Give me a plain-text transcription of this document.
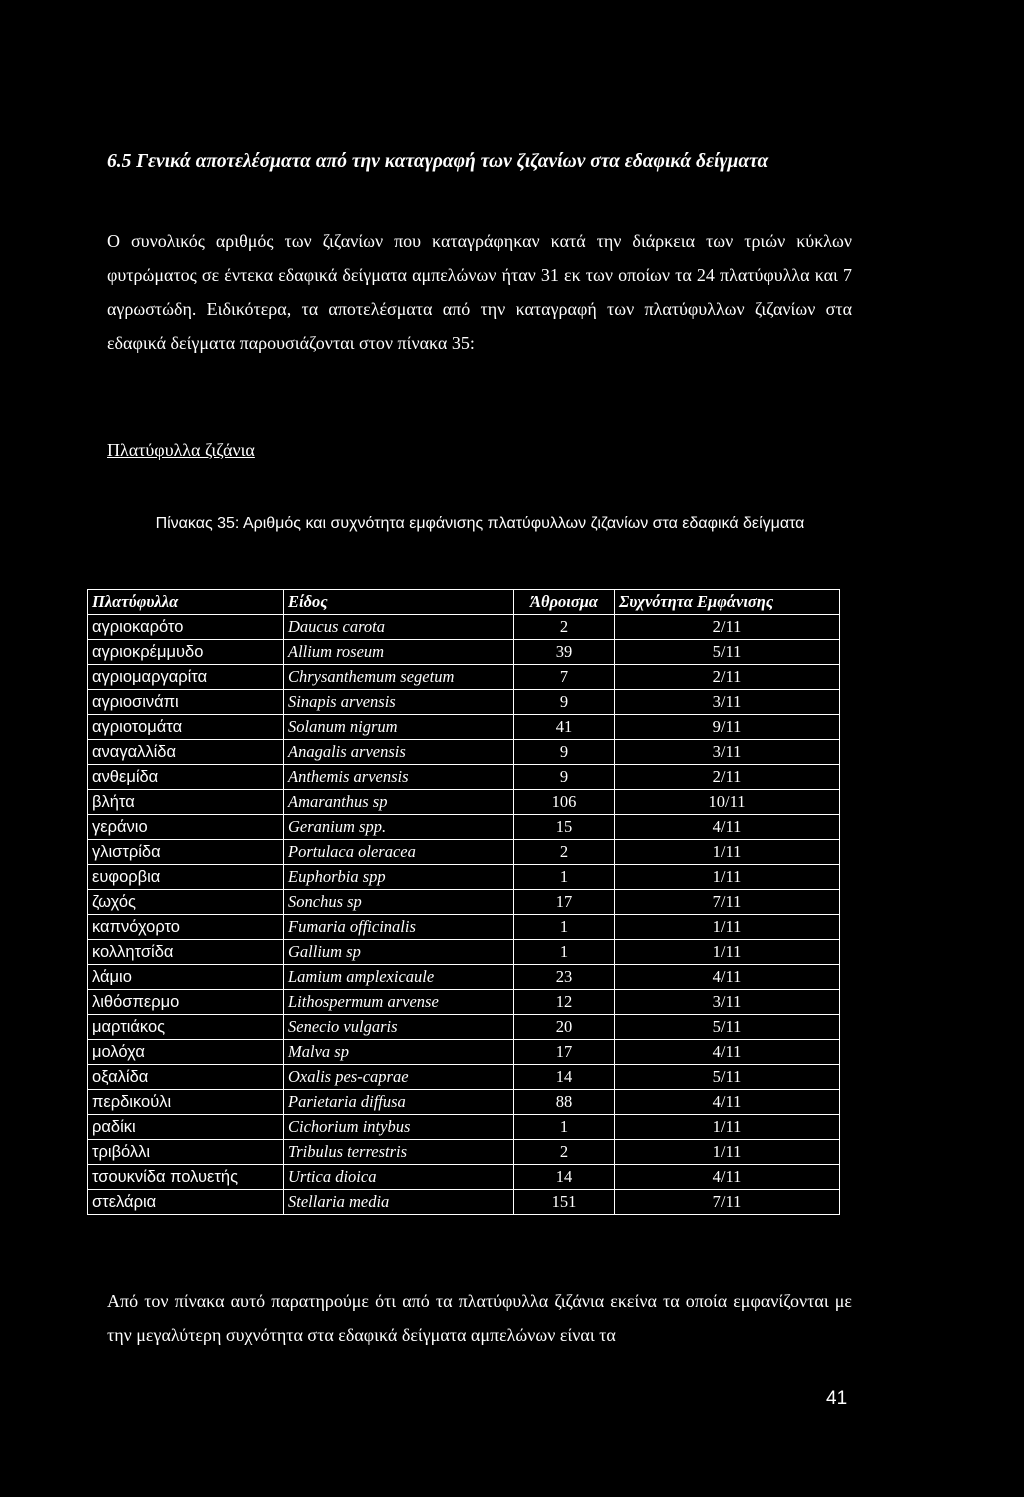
6.5 Γενικά αποτελέσματα από την καταγραφή των ζιζανίων στα εδαφικά δείγματα
Ο συνολικός αριθμός των ζιζανίων που καταγράφηκαν κατά την διάρκεια των τριών κύκλων φυτρώματος σε έντεκα εδαφικά δείγματα αμπελώνων ήταν 31 εκ των οποίων τα 24 πλατύφυλλα και 7 αγρωστώδη. Ειδικότερα, τα αποτελέσματα από την καταγραφή των πλατύφυλλων ζιζανίων στα εδαφικά δείγματα παρουσιάζονται στον πίνακα 35:
Πλατύφυλλα ζιζάνια
Πίνακας 35: Αριθμός και συχνότητα εμφάνισης πλατύφυλλων ζιζανίων στα εδαφικά δείγματα
Πλατύφυλλα	Είδος	Άθροισμα	Συχνότητα Εμφάνισης
αγριοκαρότο	Daucus carota	2	2/11
αγριοκρέμμυδο	Allium roseum	39	5/11
αγριομαργαρίτα	Chrysanthemum segetum	7	2/11
αγριοσινάπι	Sinapis arvensis	9	3/11
αγριοτομάτα	Solanum nigrum	41	9/11
αναγαλλίδα	Anagalis arvensis	9	3/11
ανθεμίδα	Anthemis arvensis	9	2/11
βλήτα	Amaranthus sp	106	10/11
γεράνιο	Geranium spp.	15	4/11
γλιστρίδα	Portulaca oleracea	2	1/11
ευφορβια	Euphorbia spp	1	1/11
ζωχός	Sonchus sp	17	7/11
καπνόχορτο	Fumaria officinalis	1	1/11
κολλητσίδα	Gallium sp	1	1/11
λάμιο	Lamium amplexicaule	23	4/11
λιθόσπερμο	Lithospermum arvense	12	3/11
μαρτιάκος	Senecio vulgaris	20	5/11
μολόχα	Malva sp	17	4/11
οξαλίδα	Oxalis pes-caprae	14	5/11
περδικούλι	Parietaria diffusa	88	4/11
ραδίκι	Cichorium intybus	1	1/11
τριβόλλι	Tribulus terrestris	2	1/11
τσουκνίδα πολυετής	Urtica dioica	14	4/11
στελάρια	Stellaria media	151	7/11
Από τον πίνακα αυτό παρατηρούμε ότι από τα πλατύφυλλα ζιζάνια εκείνα τα οποία εμφανίζονται με την μεγαλύτερη συχνότητα στα εδαφικά δείγματα αμπελώνων είναι τα
41
